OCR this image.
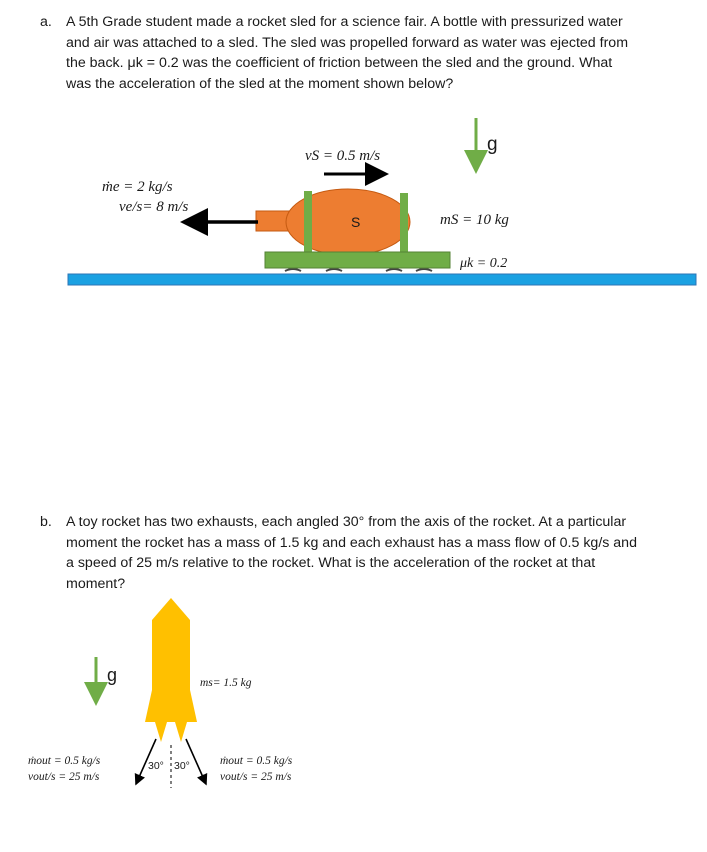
a. A 5th Grade student made a rocket sled for a science fair. A bottle with pressurized water and air was attached to a sled. The sled was propelled forward as water was ejected from the back. μk = 0.2 was the coefficient of friction between the sled and the ground. What was the acceleration of the sled at the moment shown below?
vS = 0.5 m/s
ṁe = 2 kg/s
ve/s= 8 m/s
S	mS = 10 kg
μk = 0.2
g
b. A toy rocket has two exhausts, each angled 30° from the axis of the rocket. At a particular moment the rocket has a mass of 1.5 kg and each exhaust has a mass flow of 0.5 kg/s and a speed of 25 m/s relative to the rocket. What is the acceleration of the rocket at that moment?
ms= 1.5 kg
g
ṁout = 0.5 kg/s
vout/s = 25 m/s
ṁout = 0.5 kg/s
vout/s = 25 m/s
30° 30°
